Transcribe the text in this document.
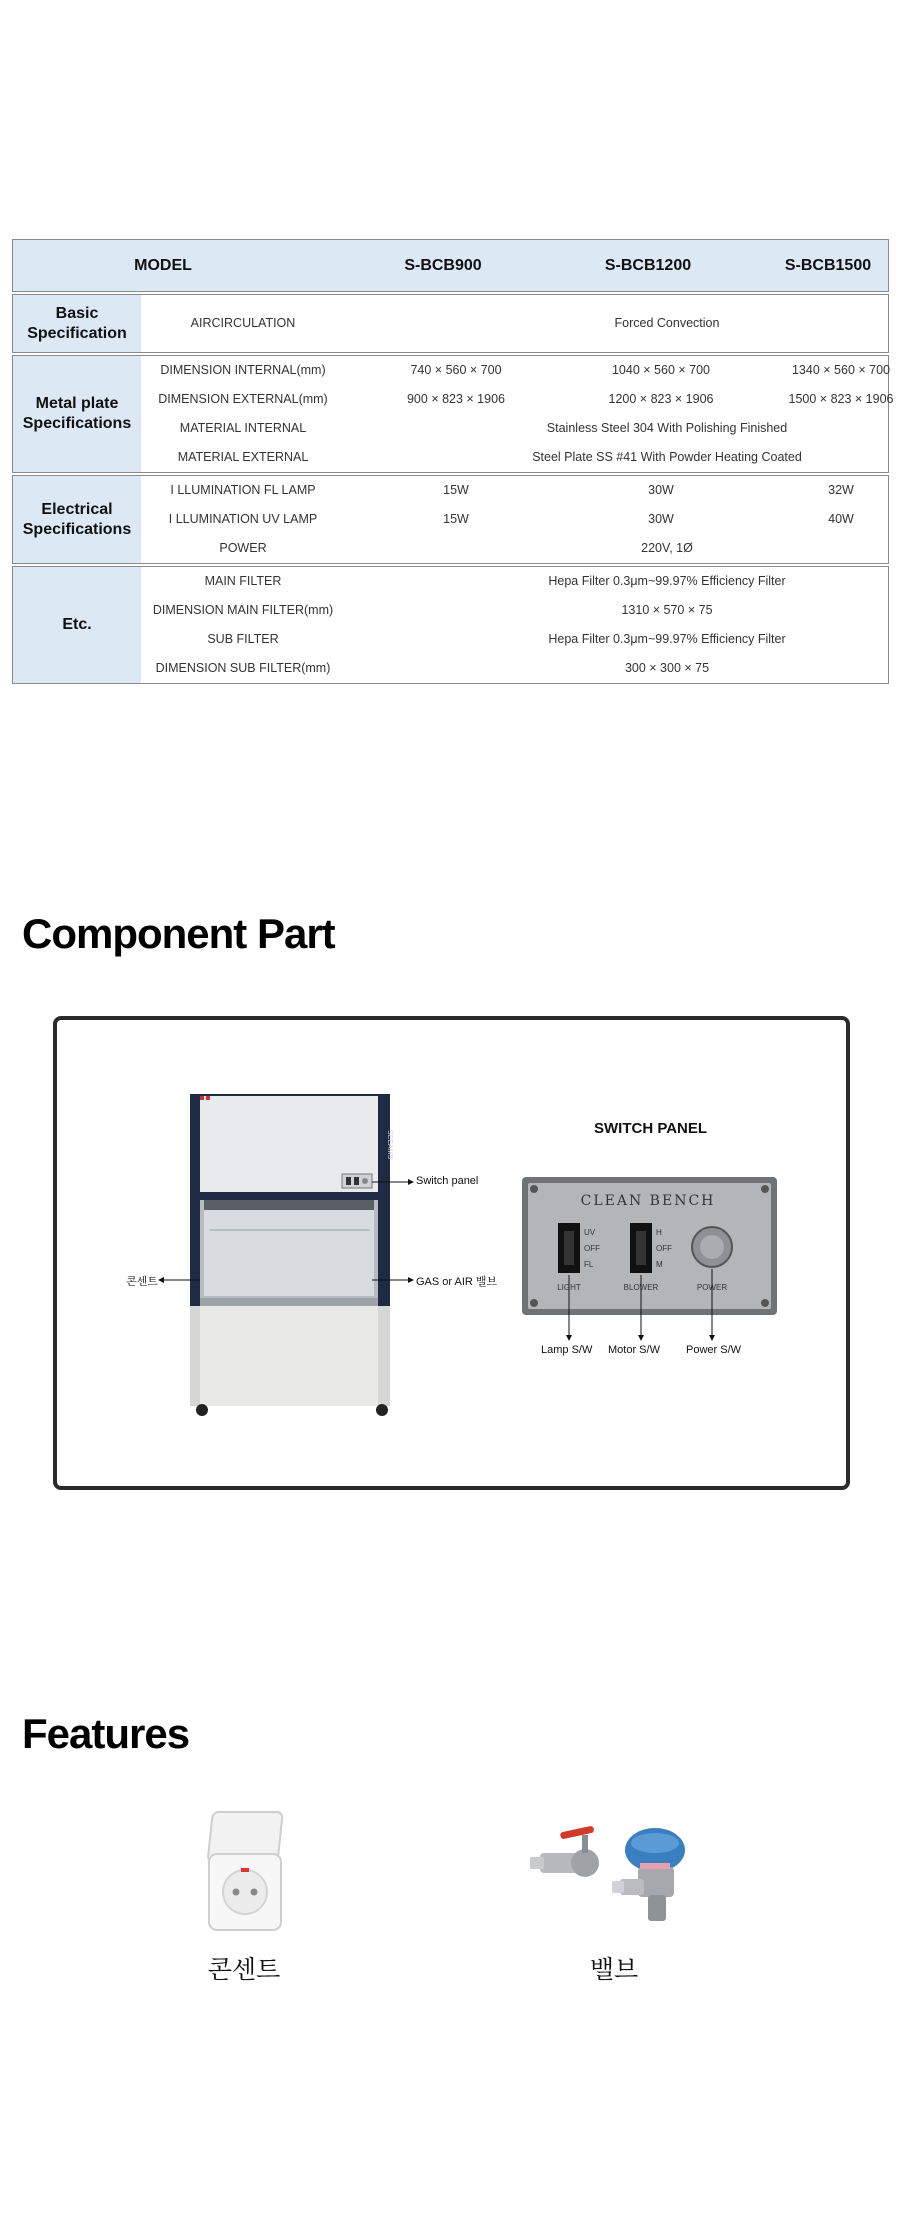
MODEL	S-BCB900	S-BCB1200	S-BCB1500
Basic Specification
AIRCIRCULATION	Forced Convection
Metal plate Specifications
DIMENSION INTERNAL(mm)	740 × 560 × 700	1040 × 560 × 700	1340 × 560 × 700
DIMENSION EXTERNAL(mm)	900 × 823 × 1906	1200 × 823 × 1906	1500 × 823 × 1906
MATERIAL INTERNAL	Stainless Steel 304 With Polishing Finished
MATERIAL EXTERNAL	Steel Plate SS #41 With Powder Heating Coated
Electrical Specifications
I LLUMINATION FL LAMP	15W	30W	32W
I LLUMINATION UV LAMP	15W	30W	40W
POWER	220V, 1Ø
Etc.
MAIN FILTER	Hepa Filter 0.3μm~99.97% Efficiency Filter
DIMENSION MAIN FILTER(mm)	1310 × 570 × 75
SUB FILTER	Hepa Filter 0.3μm~99.97% Efficiency Filter
DIMENSION SUB FILTER(mm)	300 × 300 × 75
Component Part
SEEAMS
Switch panel
콘센트	GAS or AIR 밸브
SWITCH PANEL
CLEAN BENCH
UV
OFF
FL
LIGHT
H
OFF
M
BLOWER	POWER
Lamp S/W Motor S/W Power S/W
Features
콘센트	밸브
